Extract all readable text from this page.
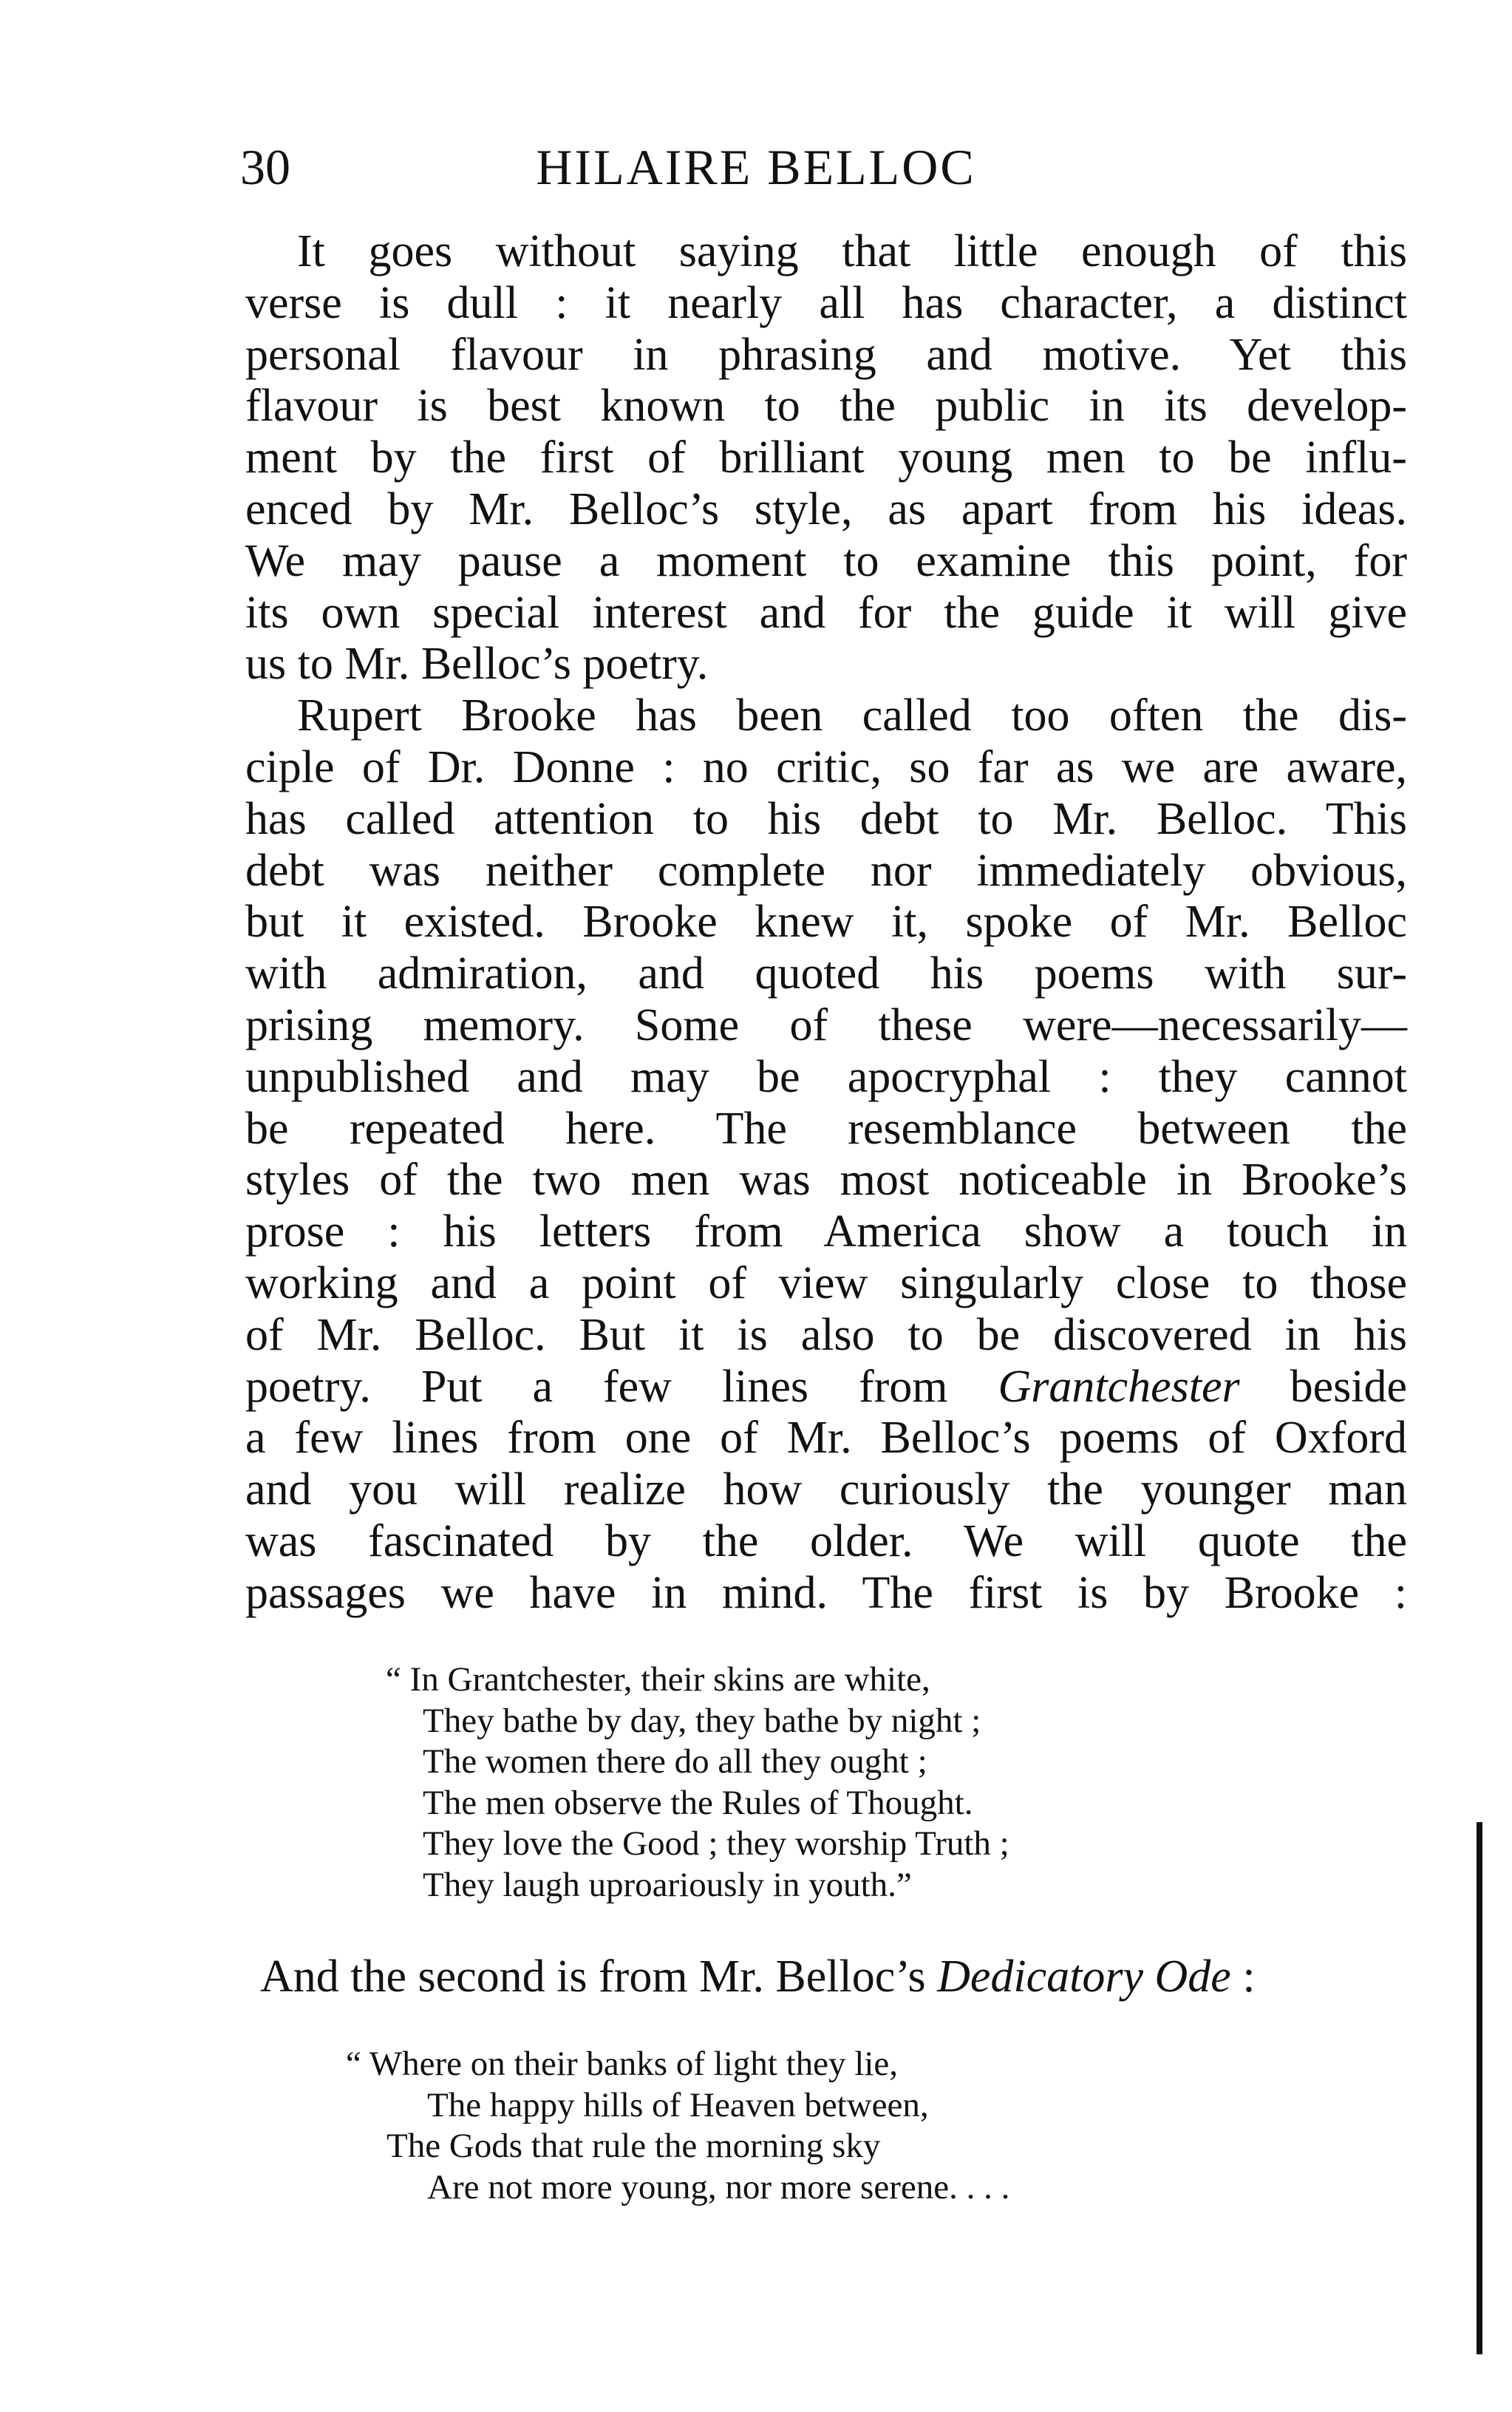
30	HILAIRE BELLOC
It goes without saying that little enough of this
verse is dull : it nearly all has character, a distinct
personal flavour in phrasing and motive. Yet this
flavour is best known to the public in its develop-
ment by the first of brilliant young men to be influ-
enced by Mr. Belloc’s style, as apart from his ideas.
We may pause a moment to examine this point, for
its own special interest and for the guide it will give
us to Mr. Belloc’s poetry.
Rupert Brooke has been called too often the dis-
ciple of Dr. Donne : no critic, so far as we are aware,
has called attention to his debt to Mr. Belloc. This
debt was neither complete nor immediately obvious,
but it existed. Brooke knew it, spoke of Mr. Belloc
with admiration, and quoted his poems with sur-
prising memory. Some of these were—necessarily—
unpublished and may be apocryphal : they cannot
be repeated here. The resemblance between the
styles of the two men was most noticeable in Brooke’s
prose : his letters from America show a touch in
working and a point of view singularly close to those
of Mr. Belloc. But it is also to be discovered in his
poetry. Put a few lines from Grantchester beside
a few lines from one of Mr. Belloc’s poems of Oxford
and you will realize how curiously the younger man
was fascinated by the older. We will quote the
passages we have in mind. The first is by Brooke :
“ In Grantchester, their skins are white,
They bathe by day, they bathe by night ;
The women there do all they ought ;
The men observe the Rules of Thought.
They love the Good ; they worship Truth ;
They laugh uproariously in youth.”
And the second is from Mr. Belloc’s Dedicatory Ode :
“ Where on their banks of light they lie,
The happy hills of Heaven between,
The Gods that rule the morning sky
Are not more young, nor more serene. . . .
